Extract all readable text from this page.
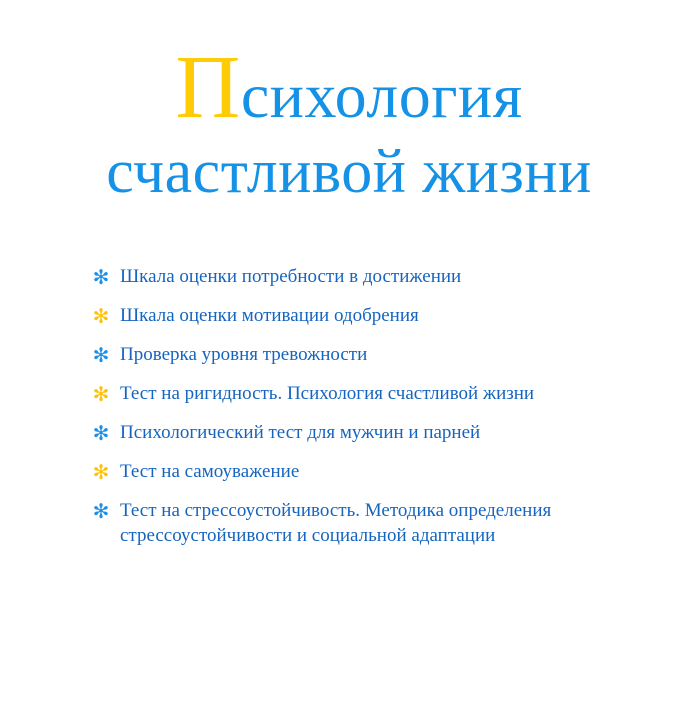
Психология
счастливой жизни
✻ Шкала оценки потребности в достижении
✻ Шкала оценки мотивации одобрения
✻ Проверка уровня тревожности
✻ Тест на ригидность. Психология счастливой жизни
✻ Психологический тест для мужчин и парней
✻ Тест на самоуважение
✻ Тест на стрессоустойчивость. Методика определения стрессоустойчивости и социальной адаптации
